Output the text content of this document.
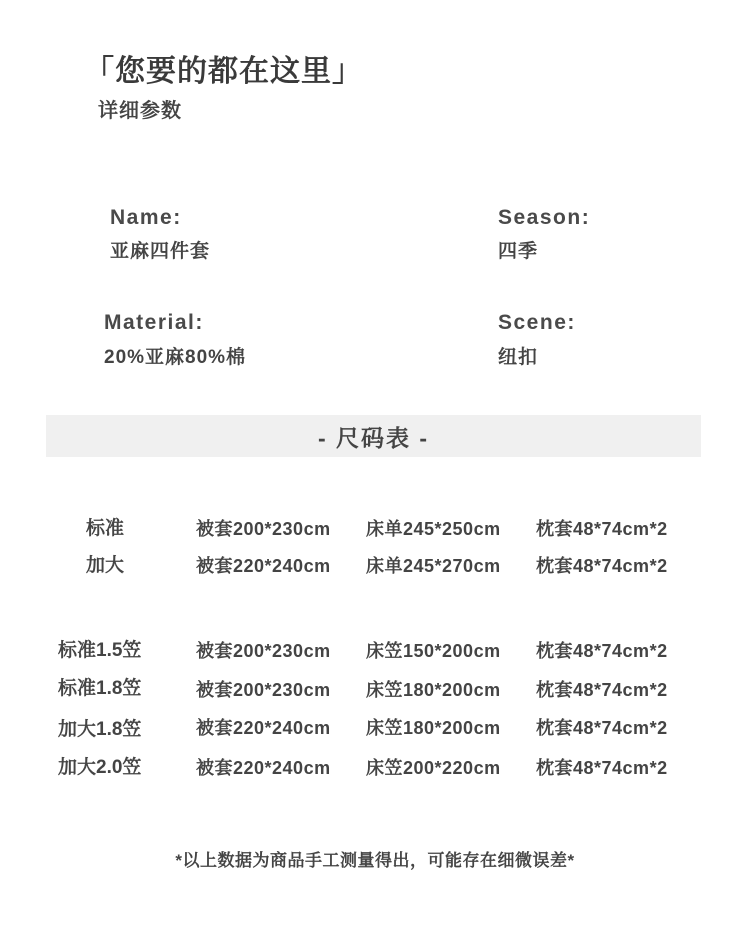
「您要的都在这里」
详细参数
Name:
亚麻四件套
Season:
四季
Material:
20%亚麻80%棉
Scene:
纽扣
- 尺码表 -
标准	被套200*230cm 床单245*250cm 枕套48*74cm*2
加大	被套220*240cm 床单245*270cm 枕套48*74cm*2
标准1.5笠	被套200*230cm 床笠150*200cm 枕套48*74cm*2
标准1.8笠	被套200*230cm 床笠180*200cm 枕套48*74cm*2
加大1.8笠	被套220*240cm 床笠180*200cm 枕套48*74cm*2
加大2.0笠	被套220*240cm 床笠200*220cm 枕套48*74cm*2
*以上数据为商品手工测量得出，可能存在细微误差*
